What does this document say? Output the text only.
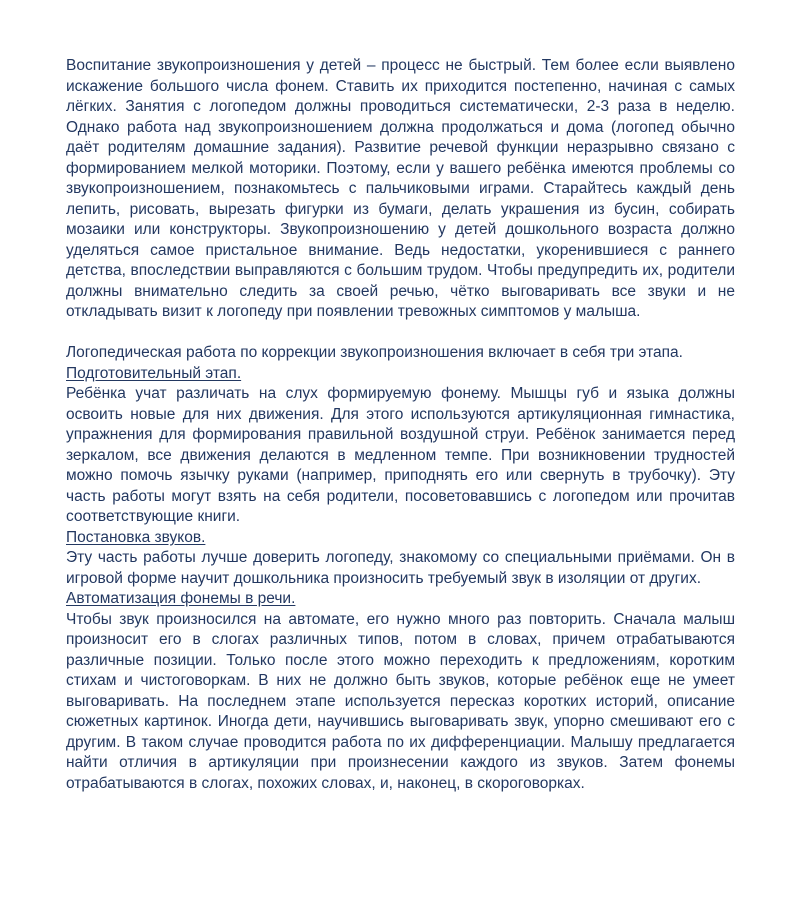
Воспитание звукопроизношения у детей – процесс не быстрый. Тем более если выявлено искажение большого числа фонем. Ставить их приходится постепенно, начиная с самых лёгких. Занятия с логопедом должны проводиться систематически, 2-3 раза в неделю. Однако работа над звукопроизношением должна продолжаться и дома (логопед обычно даёт родителям домашние задания). Развитие речевой функции неразрывно связано с формированием мелкой моторики. Поэтому, если у вашего ребёнка имеются проблемы со звукопроизношением, познакомьтесь с пальчиковыми играми. Старайтесь каждый день лепить, рисовать, вырезать фигурки из бумаги, делать украшения из бусин, собирать мозаики или конструкторы. Звукопроизношению у детей дошкольного возраста должно уделяться самое пристальное внимание. Ведь недостатки, укоренившиеся с раннего детства, впоследствии выправляются с большим трудом. Чтобы предупредить их, родители должны внимательно следить за своей речью, чётко выговаривать все звуки и не откладывать визит к логопеду при появлении тревожных симптомов у малыша.

Логопедическая работа по коррекции звукопроизношения включает в себя три этапа.

Подготовительный этап.

Ребёнка учат различать на слух формируемую фонему. Мышцы губ и языка должны освоить новые для них движения. Для этого используются артикуляционная гимнастика, упражнения для формирования правильной воздушной струи. Ребёнок занимается перед зеркалом, все движения делаются в медленном темпе. При возникновении трудностей можно помочь язычку руками (например, приподнять его или свернуть в трубочку). Эту часть работы могут взять на себя родители, посоветовавшись с логопедом или прочитав соответствующие книги.

Постановка звуков.

Эту часть работы лучше доверить логопеду, знакомому со специальными приёмами. Он в игровой форме научит дошкольника произносить требуемый звук в изоляции от других.

Автоматизация фонемы в речи.

Чтобы звук произносился на автомате, его нужно много раз повторить. Сначала малыш произносит его в слогах различных типов, потом в словах, причем отрабатываются различные позиции. Только после этого можно переходить к предложениям, коротким стихам и чистоговоркам. В них не должно быть звуков, которые ребёнок еще не умеет выговаривать. На последнем этапе используется пересказ коротких историй, описание сюжетных картинок. Иногда дети, научившись выговаривать звук, упорно смешивают его с другим. В таком случае проводится работа по их дифференциации. Малышу предлагается найти отличия в артикуляции при произнесении каждого из звуков. Затем фонемы отрабатываются в слогах, похожих словах, и, наконец, в скороговорках.
